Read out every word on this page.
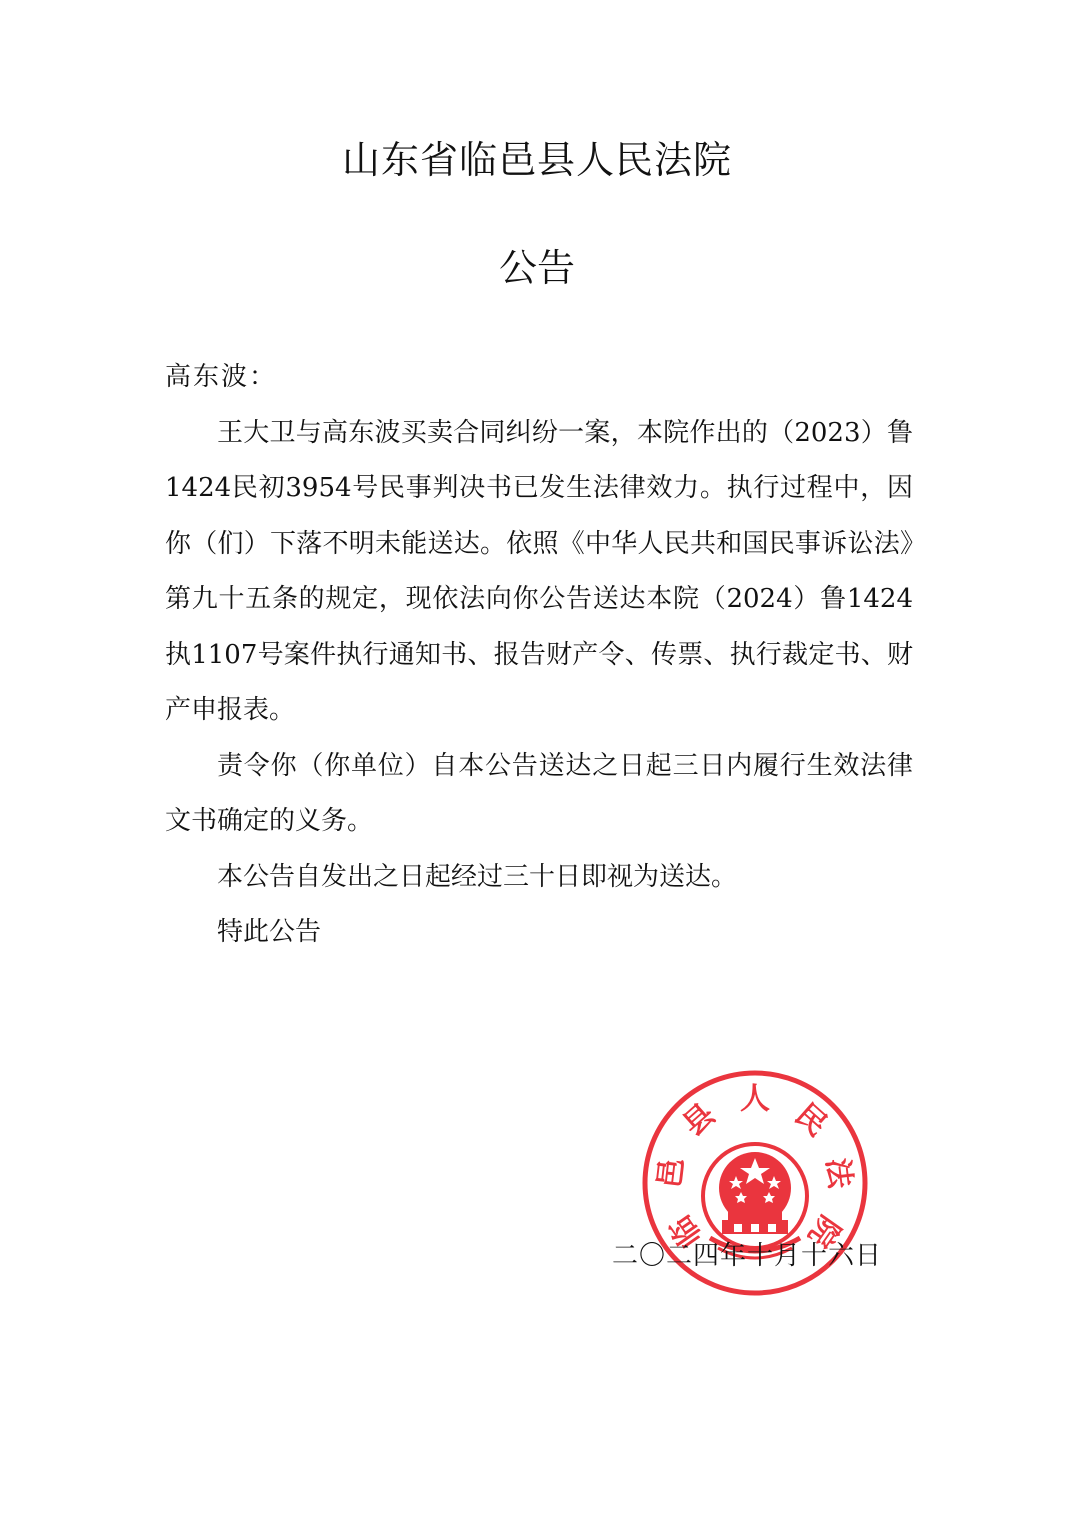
山东省临邑县人民法院
公告

高东波：

王大卫与高东波买卖合同纠纷一案，本院作出的（2023）鲁1424民初3954号民事判决书已发生法律效力。执行过程中，因你（们）下落不明未能送达。依照《中华人民共和国民事诉讼法》第九十五条的规定，现依法向你公告送达本院（2024）鲁1424执1107号案件执行通知书、报告财产令、传票、执行裁定书、财产申报表。

责令你（你单位）自本公告送达之日起三日内履行生效法律文书确定的义务。

本公告自发出之日起经过三十日即视为送达。

特此公告

临
邑
县 人 民
法
院
二〇二四年十月十六日
